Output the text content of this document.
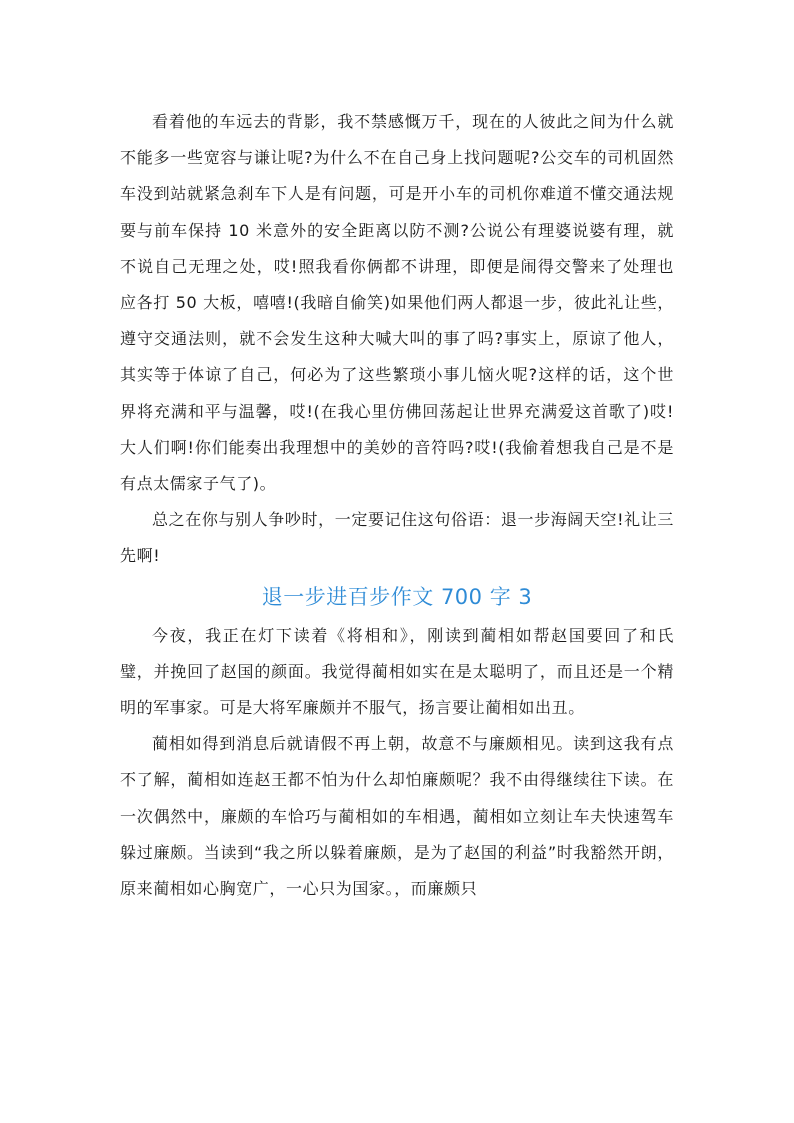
看着他的车远去的背影，我不禁感慨万千，现在的人彼此之间为什么就不能多一些宽容与谦让呢?为什么不在自己身上找问题呢?公交车的司机固然车没到站就紧急刹车下人是有问题，可是开小车的司机你难道不懂交通法规要与前车保持 10 米意外的安全距离以防不测?公说公有理婆说婆有理，就不说自己无理之处，哎!照我看你俩都不讲理，即便是闹得交警来了处理也应各打 50 大板，嘻嘻!(我暗自偷笑)如果他们两人都退一步，彼此礼让些，遵守交通法则，就不会发生这种大喊大叫的事了吗?事实上，原谅了他人，其实等于体谅了自己，何必为了这些繁琐小事儿恼火呢?这样的话，这个世界将充满和平与温馨，哎!(在我心里仿佛回荡起让世界充满爱这首歌了)哎!大人们啊!你们能奏出我理想中的美妙的音符吗?哎!(我偷着想我自己是不是有点太儒家子气了)。

总之在你与别人争吵时，一定要记住这句俗语：退一步海阔天空!礼让三先啊!

退一步进百步作文 700 字 3

今夜，我正在灯下读着《将相和》，刚读到蔺相如帮赵国要回了和氏璧，并挽回了赵国的颜面。我觉得蔺相如实在是太聪明了，而且还是一个精明的军事家。可是大将军廉颇并不服气，扬言要让蔺相如出丑。

蔺相如得到消息后就请假不再上朝，故意不与廉颇相见。读到这我有点不了解，蔺相如连赵王都不怕为什么却怕廉颇呢？我不由得继续往下读。在一次偶然中，廉颇的车恰巧与蔺相如的车相遇，蔺相如立刻让车夫快速驾车躲过廉颇。当读到“我之所以躲着廉颇，是为了赵国的利益”时我豁然开朗，原来蔺相如心胸宽广，一心只为国家。，而廉颇只
